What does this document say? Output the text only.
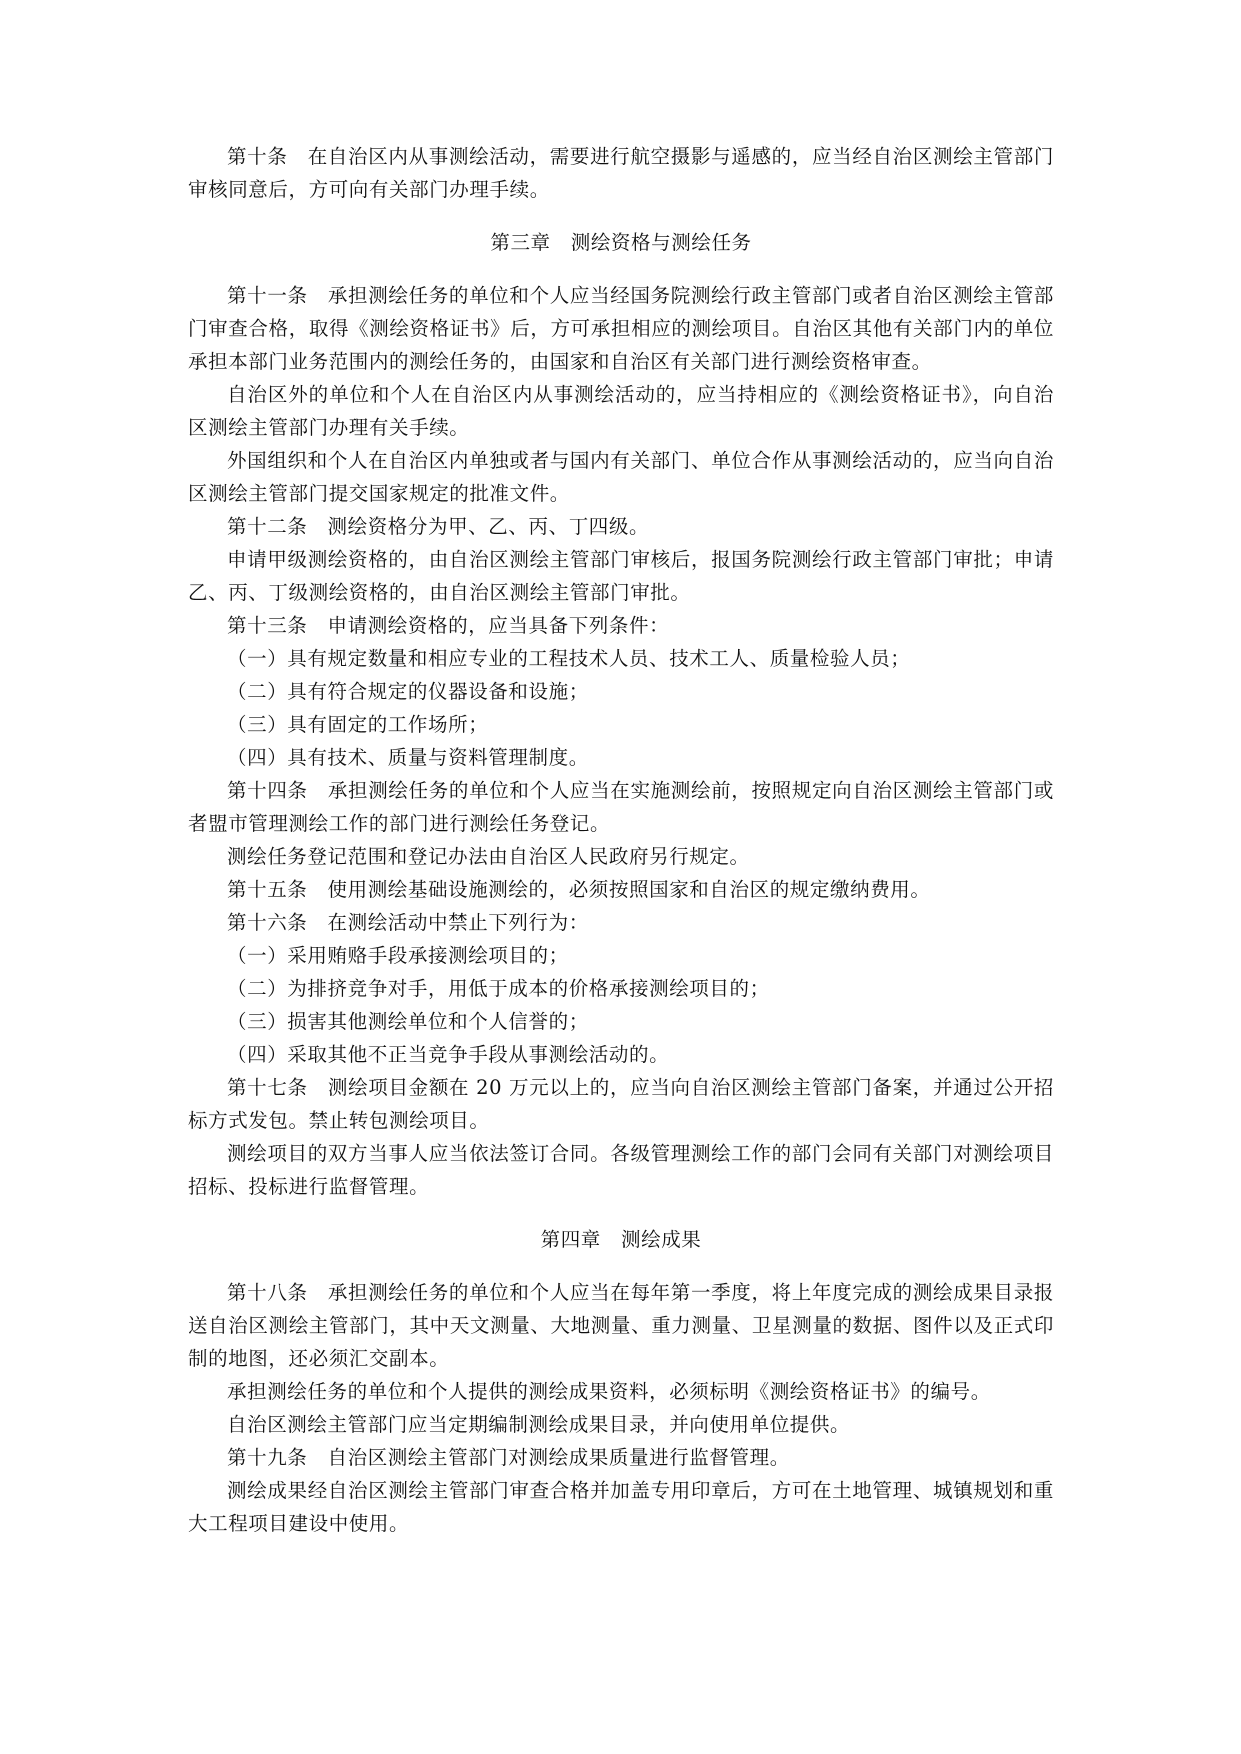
第十条　在自治区内从事测绘活动，需要进行航空摄影与遥感的，应当经自治区测绘主管部门审核同意后，方可向有关部门办理手续。

第三章　测绘资格与测绘任务

第十一条　承担测绘任务的单位和个人应当经国务院测绘行政主管部门或者自治区测绘主管部门审查合格，取得《测绘资格证书》后，方可承担相应的测绘项目。自治区其他有关部门内的单位承担本部门业务范围内的测绘任务的，由国家和自治区有关部门进行测绘资格审查。

自治区外的单位和个人在自治区内从事测绘活动的，应当持相应的《测绘资格证书》，向自治区测绘主管部门办理有关手续。

外国组织和个人在自治区内单独或者与国内有关部门、单位合作从事测绘活动的，应当向自治区测绘主管部门提交国家规定的批准文件。

第十二条　测绘资格分为甲、乙、丙、丁四级。

申请甲级测绘资格的，由自治区测绘主管部门审核后，报国务院测绘行政主管部门审批；申请乙、丙、丁级测绘资格的，由自治区测绘主管部门审批。

第十三条　申请测绘资格的，应当具备下列条件：

（一）具有规定数量和相应专业的工程技术人员、技术工人、质量检验人员；

（二）具有符合规定的仪器设备和设施；

（三）具有固定的工作场所；

（四）具有技术、质量与资料管理制度。

第十四条　承担测绘任务的单位和个人应当在实施测绘前，按照规定向自治区测绘主管部门或者盟市管理测绘工作的部门进行测绘任务登记。

测绘任务登记范围和登记办法由自治区人民政府另行规定。

第十五条　使用测绘基础设施测绘的，必须按照国家和自治区的规定缴纳费用。

第十六条　在测绘活动中禁止下列行为：

（一）采用贿赂手段承接测绘项目的；

（二）为排挤竞争对手，用低于成本的价格承接测绘项目的；

（三）损害其他测绘单位和个人信誉的；

（四）采取其他不正当竞争手段从事测绘活动的。

第十七条　测绘项目金额在 20 万元以上的，应当向自治区测绘主管部门备案，并通过公开招标方式发包。禁止转包测绘项目。

测绘项目的双方当事人应当依法签订合同。各级管理测绘工作的部门会同有关部门对测绘项目招标、投标进行监督管理。

第四章　测绘成果

第十八条　承担测绘任务的单位和个人应当在每年第一季度，将上年度完成的测绘成果目录报送自治区测绘主管部门，其中天文测量、大地测量、重力测量、卫星测量的数据、图件以及正式印制的地图，还必须汇交副本。

承担测绘任务的单位和个人提供的测绘成果资料，必须标明《测绘资格证书》的编号。

自治区测绘主管部门应当定期编制测绘成果目录，并向使用单位提供。

第十九条　自治区测绘主管部门对测绘成果质量进行监督管理。

测绘成果经自治区测绘主管部门审查合格并加盖专用印章后，方可在土地管理、城镇规划和重大工程项目建设中使用。
